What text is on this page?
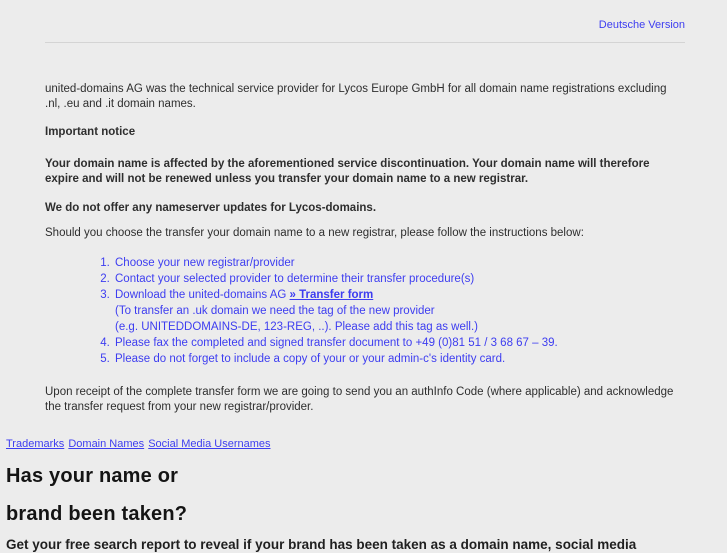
Deutsche Version

united-domains AG was the technical service provider for Lycos Europe GmbH for all domain name registrations excluding .nl, .eu and .it domain names.

Important notice

Your domain name is affected by the aforementioned service discontinuation. Your domain name will therefore expire and will not be renewed unless you transfer your domain name to a new registrar.

We do not offer any nameserver updates for Lycos-domains.

Should you choose the transfer your domain name to a new registrar, please follow the instructions below:

1. Choose your new registrar/provider
2. Contact your selected provider to determine their transfer procedure(s)
3. Download the united-domains AG » Transfer form
(To transfer an .uk domain we need the tag of the new provider
(e.g. UNITEDDOMAINS-DE, 123-REG, ..). Please add this tag as well.)
4. Please fax the completed and signed transfer document to +49 (0)81 51 / 3 68 67 – 39.
5. Please do not forget to include a copy of your or your admin-c's identity card.

Upon receipt of the complete transfer form we are going to send you an authInfo Code (where applicable) and acknowledge the transfer request from your new registrar/provider.

Trademarks Domain Names Social Media Usernames
Has your name or
brand been taken?
Get your free search report to reveal if your brand has been taken as a domain name, social media
